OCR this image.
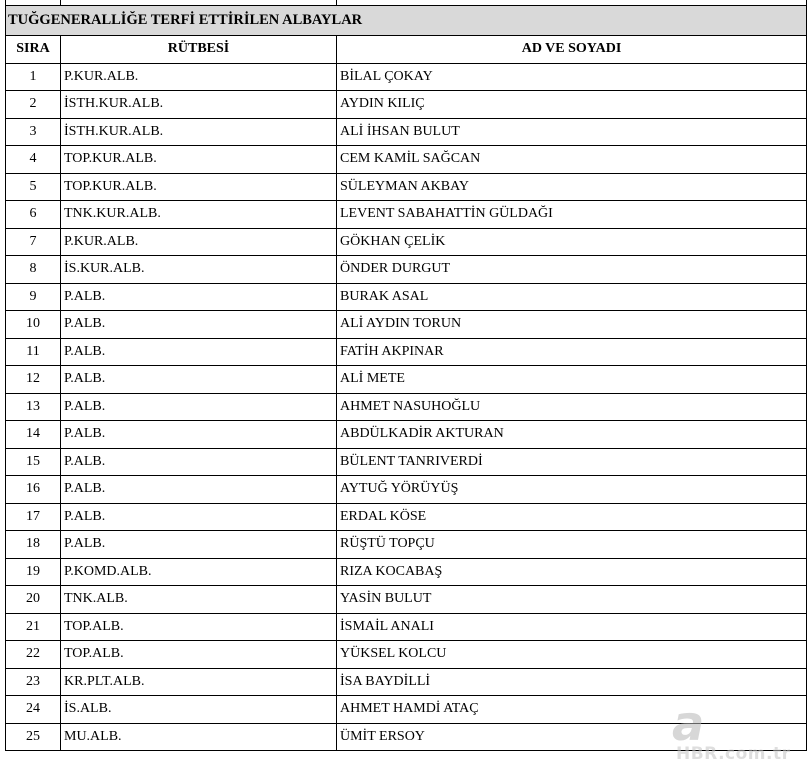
TUĞGENERALLİĞE TERFİ ETTİRİLEN ALBAYLAR		
SIRA	RÜTBESİ	AD VE SOYADI
1	P.KUR.ALB.	BİLAL ÇOKAY
2	İSTH.KUR.ALB.	AYDIN KILIÇ
3	İSTH.KUR.ALB.	ALİ İHSAN BULUT
4	TOP.KUR.ALB.	CEM KAMİL SAĞCAN
5	TOP.KUR.ALB.	SÜLEYMAN AKBAY
6	TNK.KUR.ALB.	LEVENT SABAHATTİN GÜLDAĞI
7	P.KUR.ALB.	GÖKHAN ÇELİK
8	İS.KUR.ALB.	ÖNDER DURGUT
9	P.ALB.	BURAK ASAL
10	P.ALB.	ALİ AYDIN TORUN
11	P.ALB.	FATİH AKPINAR
12	P.ALB.	ALİ METE
13	P.ALB.	AHMET NASUHOĞLU
14	P.ALB.	ABDÜLKADİR AKTURAN
15	P.ALB.	BÜLENT TANRIVERDİ
16	P.ALB.	AYTUĞ YÖRÜYÜŞ
17	P.ALB.	ERDAL KÖSE
18	P.ALB.	RÜŞTÜ TOPÇU
19	P.KOMD.ALB.	RIZA KOCABAŞ
20	TNK.ALB.	YASİN BULUT
21	TOP.ALB.	İSMAİL ANALI
22	TOP.ALB.	YÜKSEL KOLCU
23	KR.PLT.ALB.	İSA BAYDİLLİ
24	İS.ALB.	AHMET HAMDİ ATAÇ
25	MU.ALB.	ÜMİT ERSOY	a
HBR.com.tr
